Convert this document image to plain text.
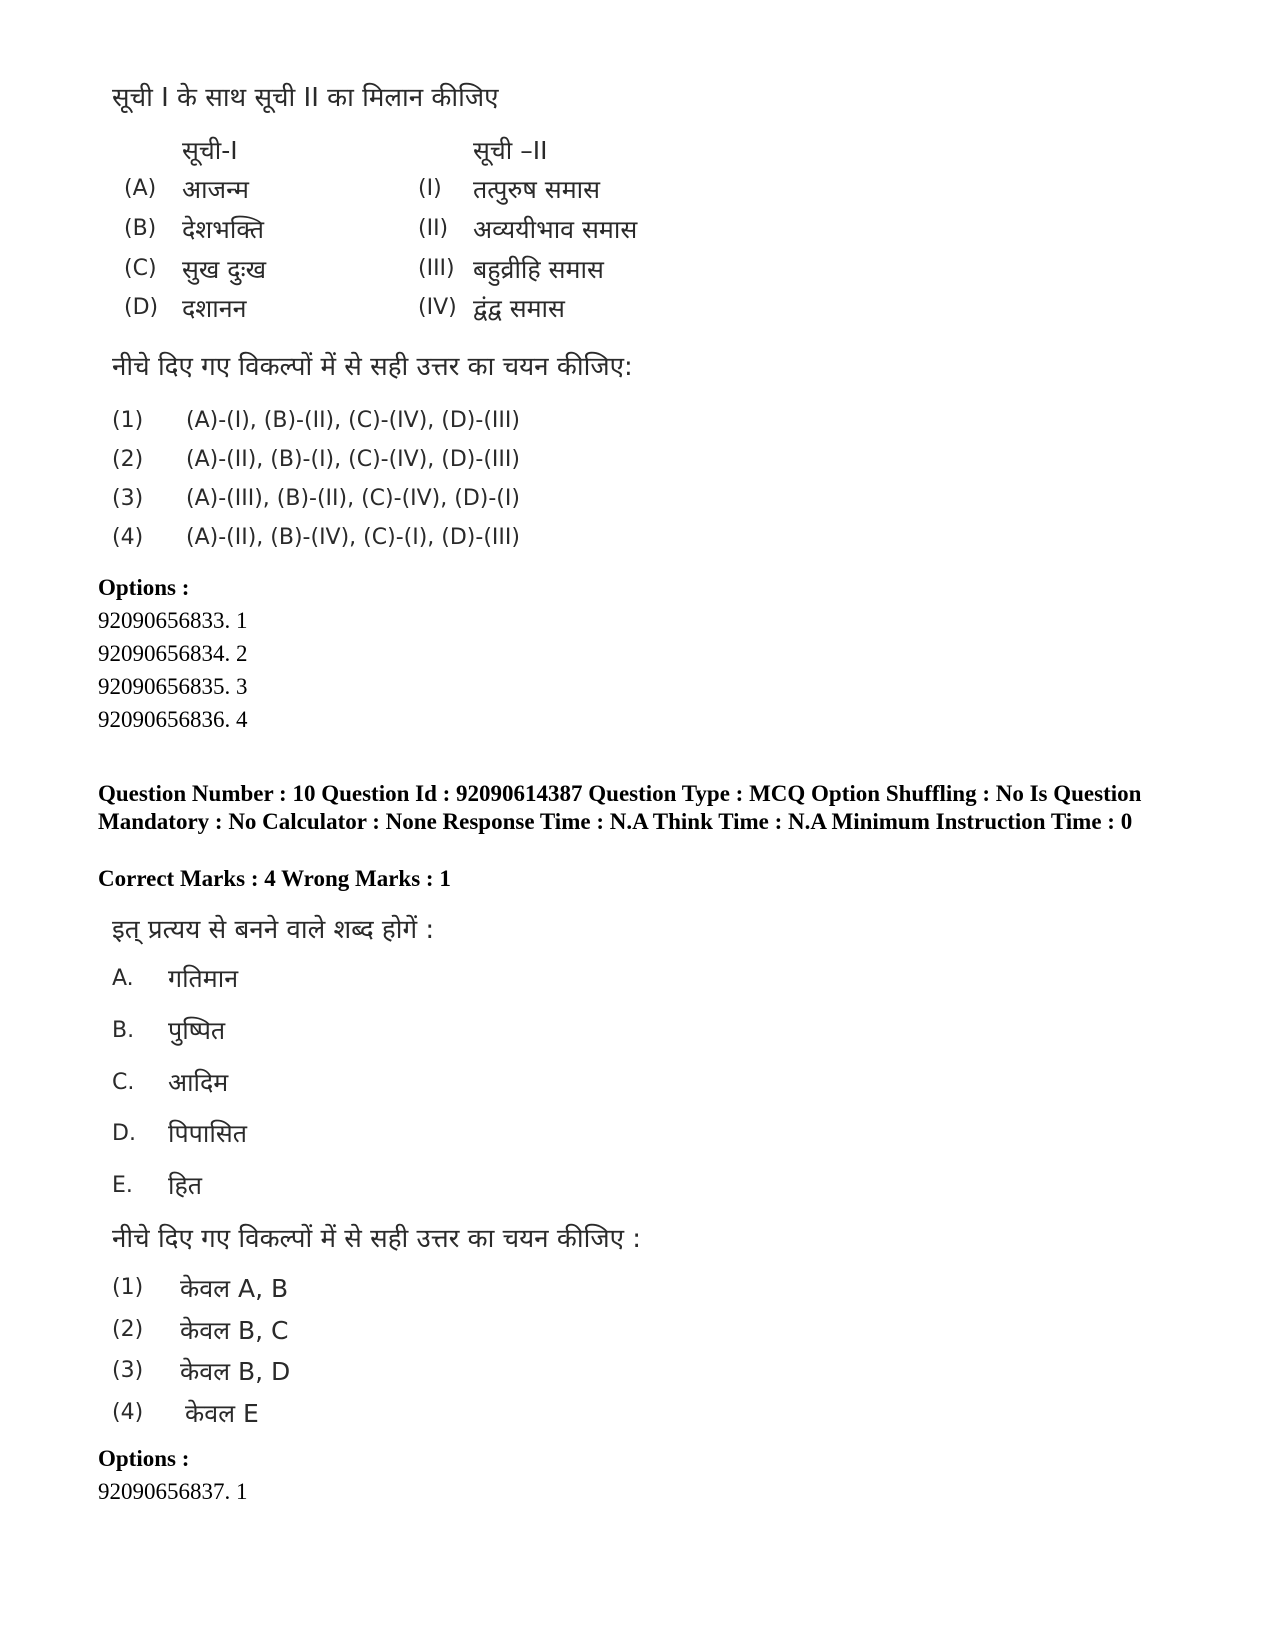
सूची I के साथ सूची II का मिलान कीजिए
सूची-I	सूची –II
(A) आजन्म
(B) देशभक्ति
(C) सुख दुःख
(D) दशानन
(I) तत्पुरुष समास
(II) अव्ययीभाव समास
(III) बहुव्रीहि समास
(IV) द्वंद्व समास
नीचे दिए गए विकल्पों में से सही उत्तर का चयन कीजिए:
(1) (A)-(I), (B)-(II), (C)-(IV), (D)-(III)
(2) (A)-(II), (B)-(I), (C)-(IV), (D)-(III)
(3) (A)-(III), (B)-(II), (C)-(IV), (D)-(I)
(4) (A)-(II), (B)-(IV), (C)-(I), (D)-(III)
Options :
92090656833. 1
92090656834. 2
92090656835. 3
92090656836. 4
Question Number : 10 Question Id : 92090614387 Question Type : MCQ Option Shuffling : No Is Question Mandatory : No Calculator : None Response Time : N.A Think Time : N.A Minimum Instruction Time : 0
Correct Marks : 4 Wrong Marks : 1
इत् प्रत्यय से बनने वाले शब्द होगें :
A. गतिमान
B. पुष्पित
C. आदिम
D. पिपासित
E. हित
नीचे दिए गए विकल्पों में से सही उत्तर का चयन कीजिए :
(1) केवल A, B
(2) केवल B, C
(3) केवल B, D
(4) केवल E
Options :
92090656837. 1
